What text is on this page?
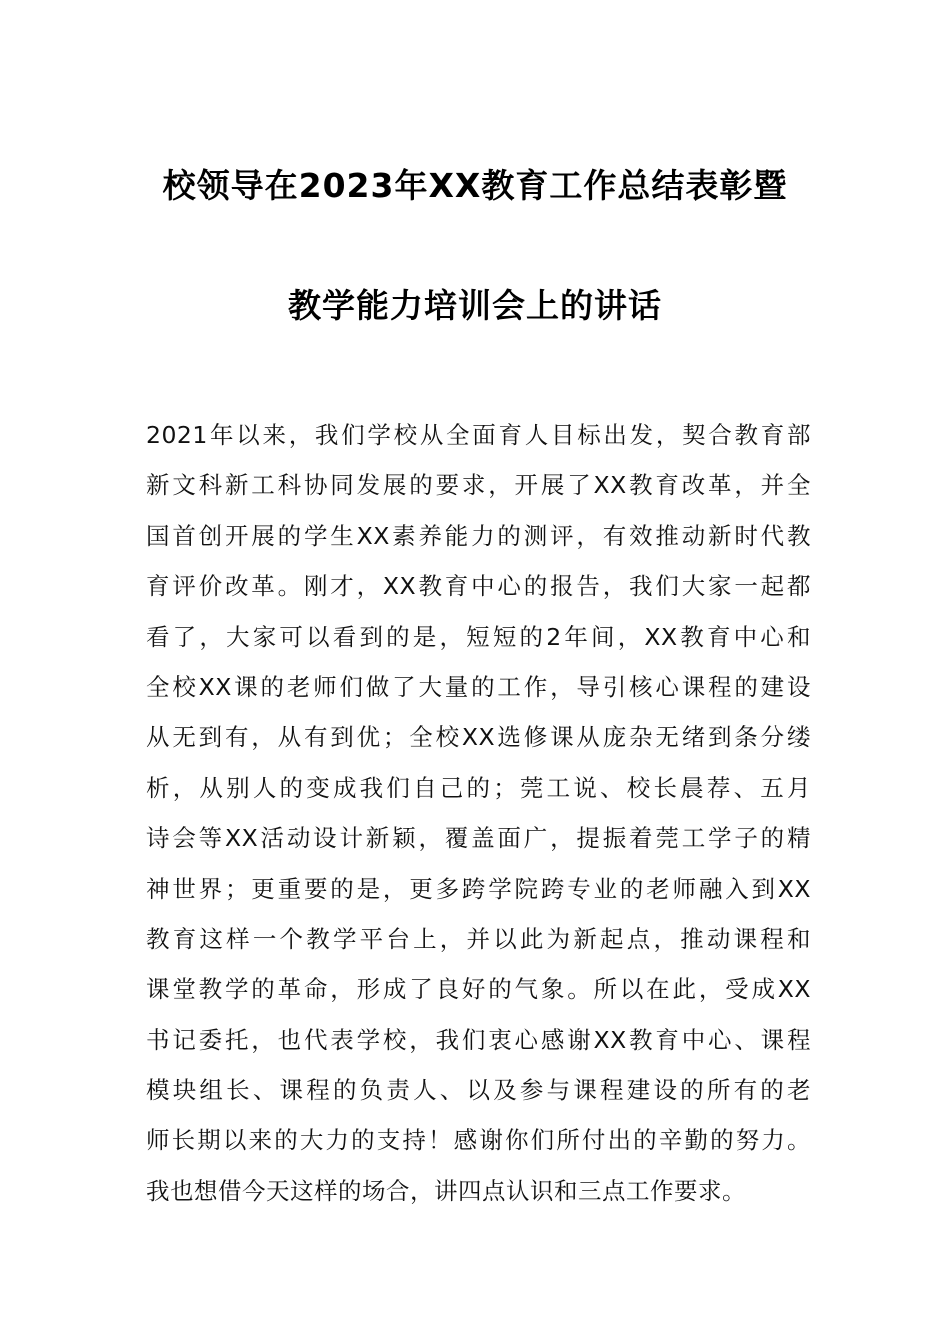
校领导在2023年XX教育工作总结表彰暨
教学能力培训会上的讲话
2021年以来，我们学校从全面育人目标出发，契合教育部
新文科新工科协同发展的要求，开展了XX教育改革，并全
国首创开展的学生XX素养能力的测评，有效推动新时代教
育评价改革。刚才，XX教育中心的报告，我们大家一起都
看了，大家可以看到的是，短短的2年间，XX教育中心和
全校XX课的老师们做了大量的工作，导引核心课程的建设
从无到有，从有到优；全校XX选修课从庞杂无绪到条分缕
析，从别人的变成我们自己的；莞工说、校长晨荐、五月
诗会等XX活动设计新颖，覆盖面广，提振着莞工学子的精
神世界；更重要的是，更多跨学院跨专业的老师融入到XX
教育这样一个教学平台上，并以此为新起点，推动课程和
课堂教学的革命，形成了良好的气象。所以在此，受成XX
书记委托，也代表学校，我们衷心感谢XX教育中心、课程
模块组长、课程的负责人、以及参与课程建设的所有的老
师长期以来的大力的支持！感谢你们所付出的辛勤的努力。
我也想借今天这样的场合，讲四点认识和三点工作要求。
